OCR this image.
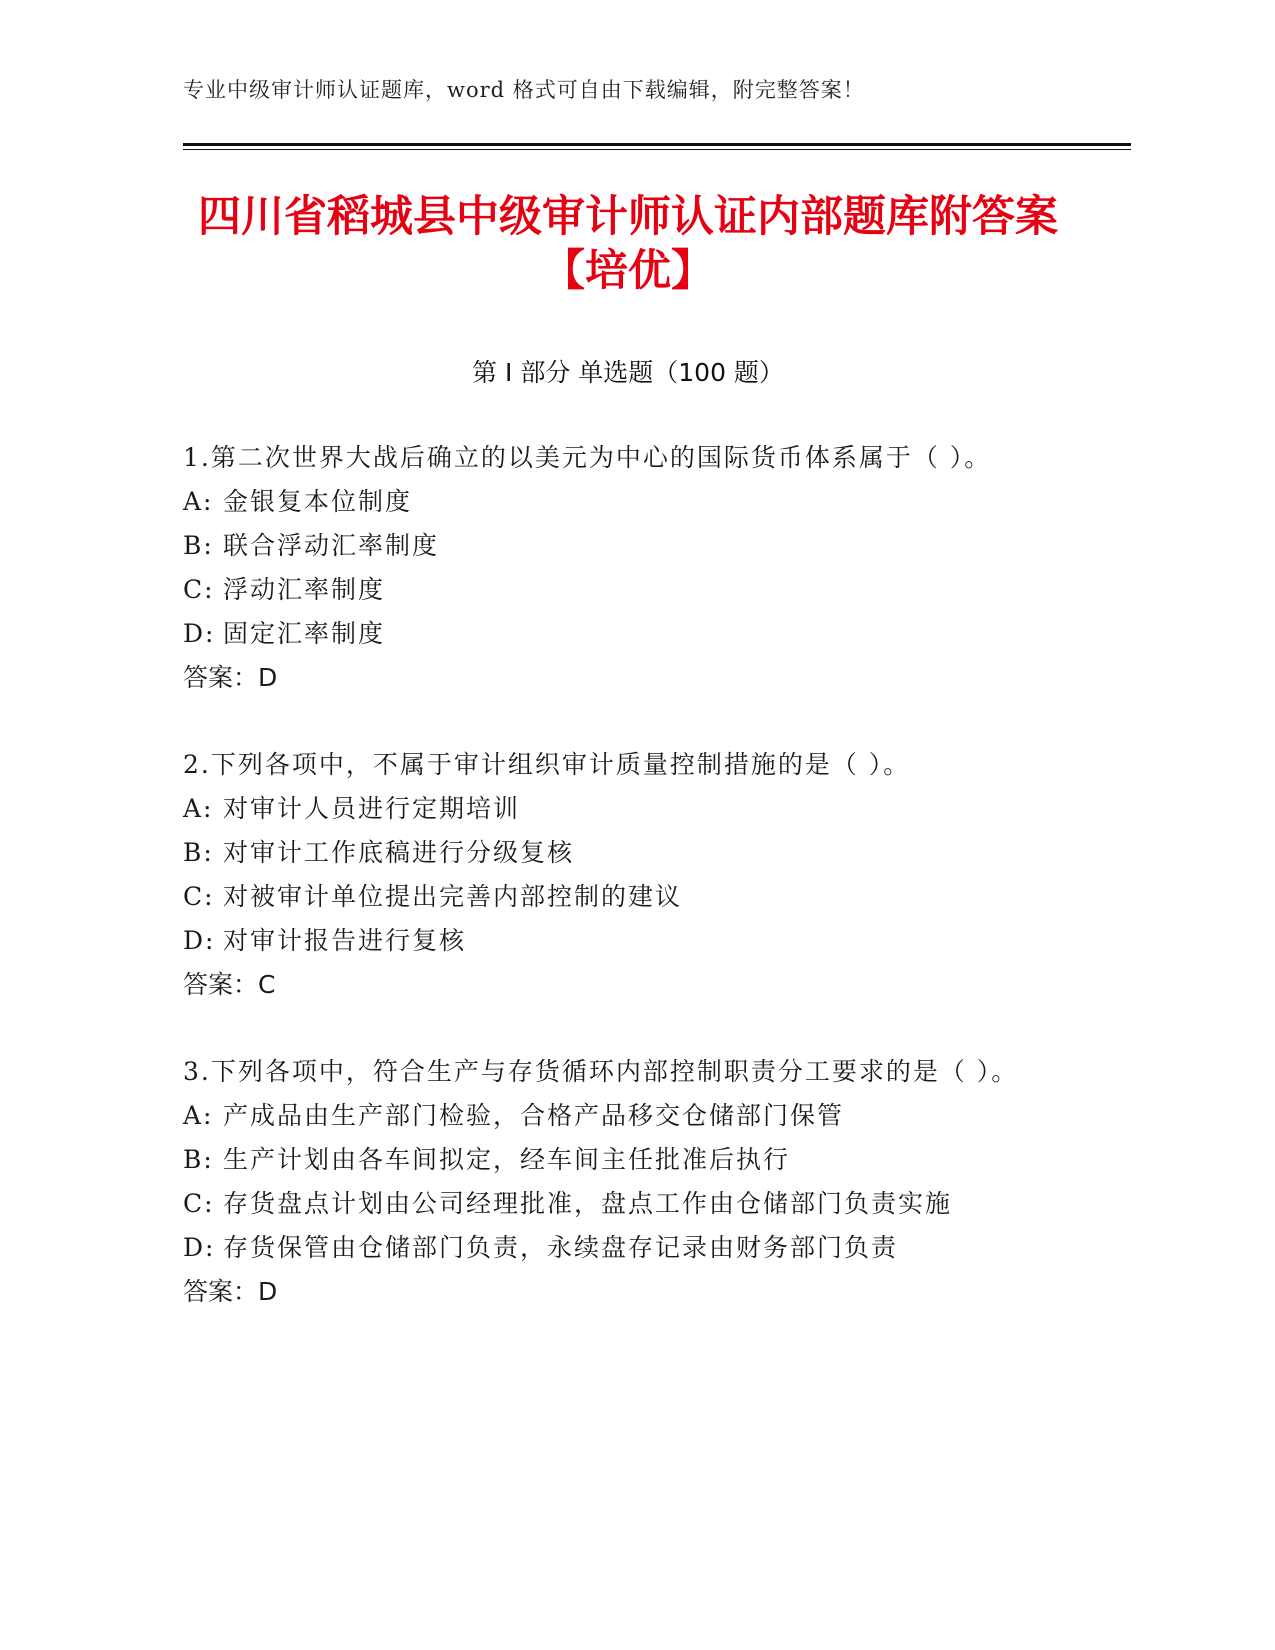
专业中级审计师认证题库，word 格式可自由下载编辑，附完整答案！
四川省稻城县中级审计师认证内部题库附答案【培优】
第 I 部分 单选题（100 题）
1.第二次世界大战后确立的以美元为中心的国际货币体系属于（ ）。
A: 金银复本位制度
B: 联合浮动汇率制度
C: 浮动汇率制度
D: 固定汇率制度
答案：D
2.下列各项中，不属于审计组织审计质量控制措施的是（ ）。
A: 对审计人员进行定期培训
B: 对审计工作底稿进行分级复核
C: 对被审计单位提出完善内部控制的建议
D: 对审计报告进行复核
答案：C
3.下列各项中，符合生产与存货循环内部控制职责分工要求的是（ ）。
A: 产成品由生产部门检验，合格产品移交仓储部门保管
B: 生产计划由各车间拟定，经车间主任批准后执行
C: 存货盘点计划由公司经理批准，盘点工作由仓储部门负责实施
D: 存货保管由仓储部门负责，永续盘存记录由财务部门负责
答案：D
